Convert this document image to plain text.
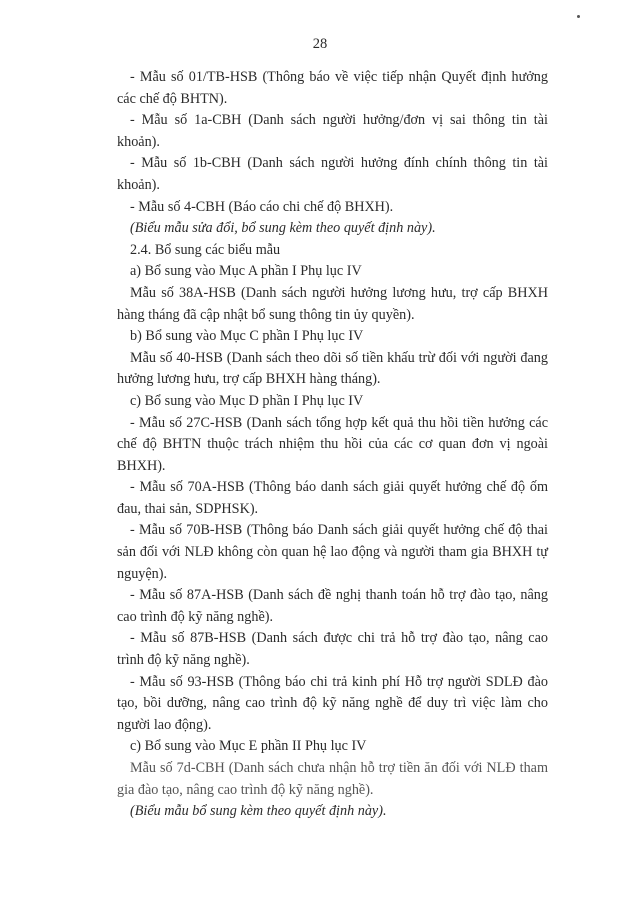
28

- Mẫu số 01/TB-HSB (Thông báo về việc tiếp nhận Quyết định hưởng các chế độ BHTN).

- Mẫu số 1a-CBH (Danh sách người hưởng/đơn vị sai thông tin tài khoản).

- Mẫu số 1b-CBH (Danh sách người hưởng đính chính thông tin tài khoản).

- Mẫu số 4-CBH (Báo cáo chi chế độ BHXH).

(Biểu mẫu sửa đổi, bổ sung kèm theo quyết định này).

2.4. Bổ sung các biểu mẫu

a) Bổ sung vào Mục A phần I Phụ lục IV

Mẫu số 38A-HSB (Danh sách người hưởng lương hưu, trợ cấp BHXH hàng tháng đã cập nhật bổ sung thông tin ủy quyền).

b) Bổ sung vào Mục C phần I Phụ lục IV

Mẫu số 40-HSB (Danh sách theo dõi số tiền khấu trừ đối với người đang hưởng lương hưu, trợ cấp BHXH hàng tháng).

c) Bổ sung vào Mục D phần I Phụ lục IV

- Mẫu số 27C-HSB (Danh sách tổng hợp kết quả thu hồi tiền hưởng các chế độ BHTN thuộc trách nhiệm thu hồi của các cơ quan đơn vị ngoài BHXH).

- Mẫu số 70A-HSB (Thông báo danh sách giải quyết hưởng chế độ ốm đau, thai sản, SDPHSK).

- Mẫu số 70B-HSB (Thông báo Danh sách giải quyết hưởng chế độ thai sản đối với NLĐ không còn quan hệ lao động và người tham gia BHXH tự nguyện).

- Mẫu số 87A-HSB (Danh sách đề nghị thanh toán hỗ trợ đào tạo, nâng cao trình độ kỹ năng nghề).

- Mẫu số 87B-HSB (Danh sách được chi trả hỗ trợ đào tạo, nâng cao trình độ kỹ năng nghề).

- Mẫu số 93-HSB (Thông báo chi trả kinh phí Hỗ trợ người SDLĐ đào tạo, bồi dưỡng, nâng cao trình độ kỹ năng nghề để duy trì việc làm cho người lao động).

c) Bổ sung vào Mục E phần II Phụ lục IV

Mẫu số 7d-CBH (Danh sách chưa nhận hỗ trợ tiền ăn đối với NLĐ tham gia đào tạo, nâng cao trình độ kỹ năng nghề).

(Biểu mẫu bổ sung kèm theo quyết định này).
